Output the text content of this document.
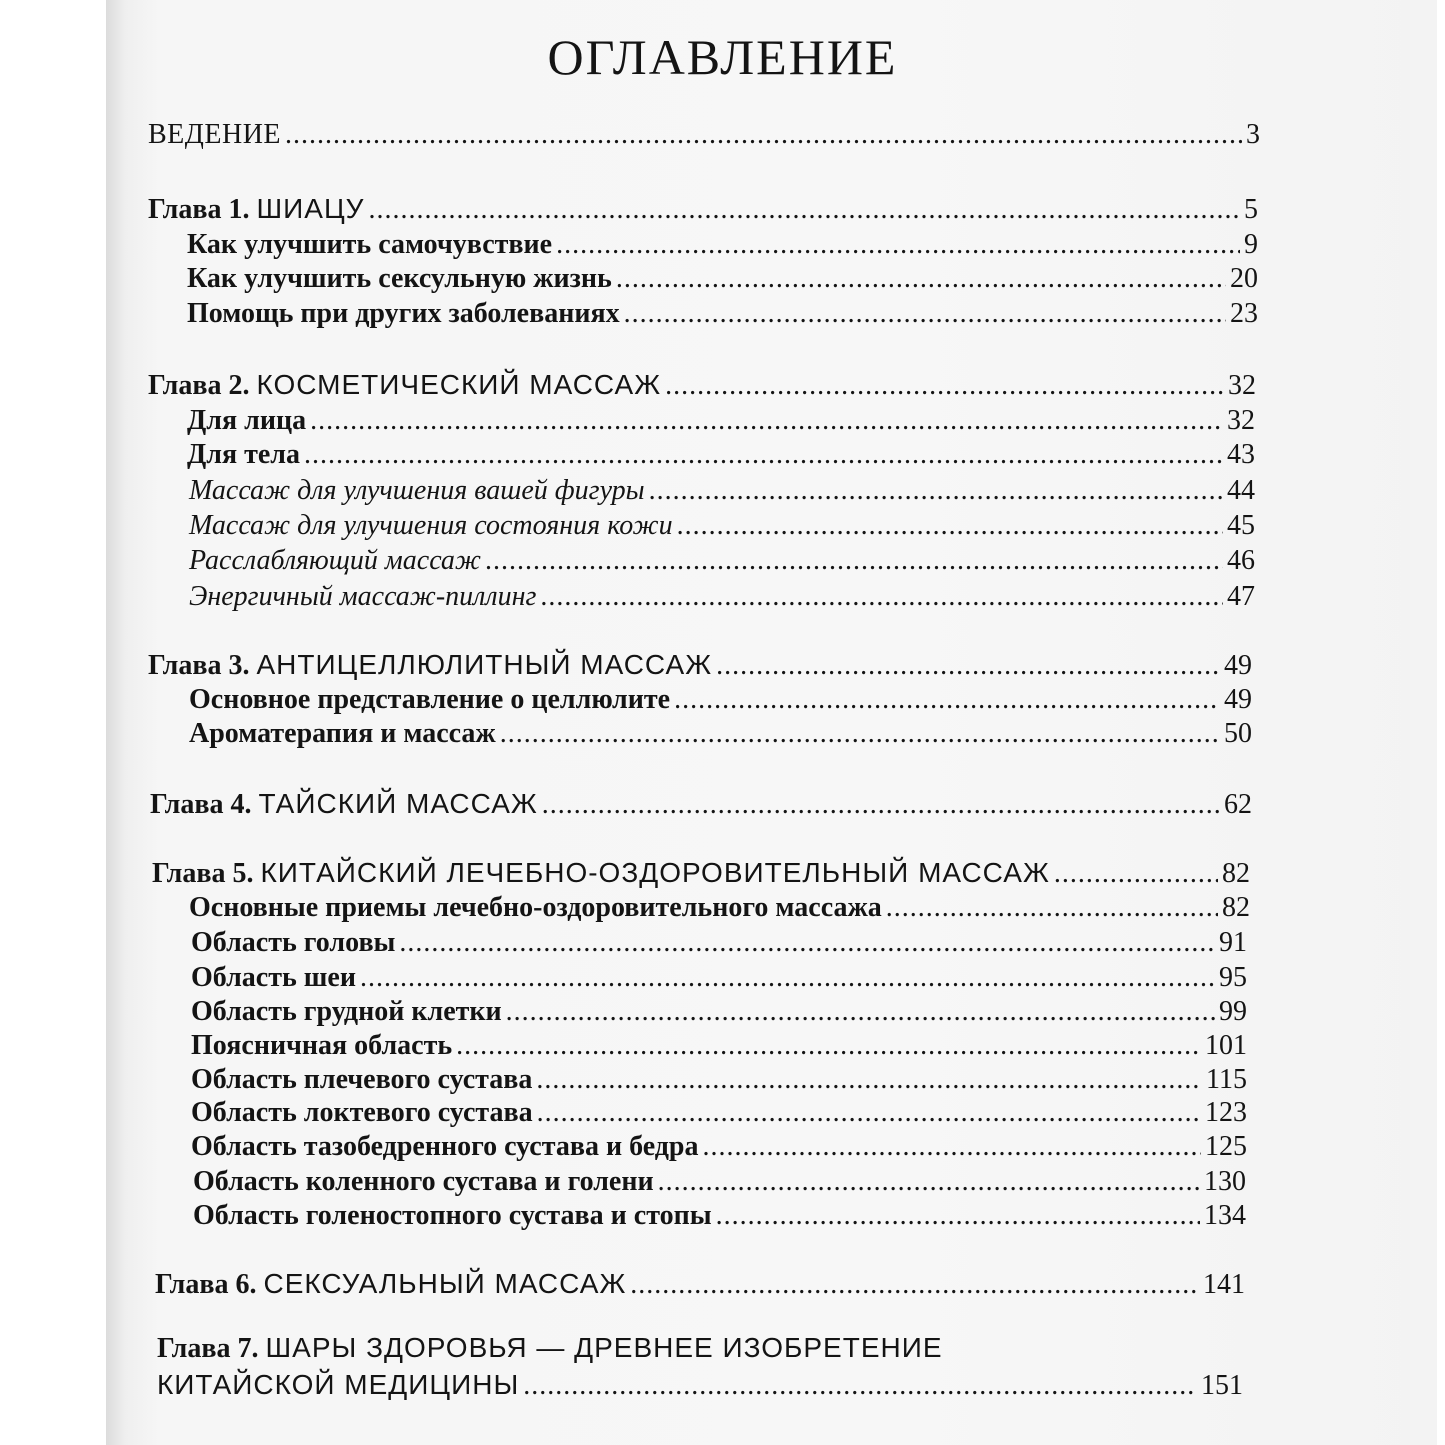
ОГЛАВЛЕНИЕ
ВЕДЕНИЕ . . .	3
Глава 1. ШИАЦУ . . .	5
Как улучшить самочувствие . . .	9
Как улучшить сексульную жизнь . . .	20
Помощь при других заболеваниях . . .	23
Глава 2. КОСМЕТИЧЕСКИЙ МАССАЖ . . .	32
Для лица . . .	32
Для тела . . .	43
Массаж для улучшения вашей фигуры . . .	44
Массаж для улучшения состояния кожи . . .	45
Расслабляющий массаж . . .	46
Энергичный массаж-пиллинг . . .	47
Глава 3. АНТИЦЕЛЛЮЛИТНЫЙ МАССАЖ . . .	49
Основное представление о целлюлите . . .	49
Ароматерапия и массаж . . .	50
Глава 4. ТАЙСКИЙ МАССАЖ . . .	62
Глава 5. КИТАЙСКИЙ ЛЕЧЕБНО-ОЗДОРОВИТЕЛЬНЫЙ МАССАЖ . . .	82
Основные приемы лечебно-оздоровительного массажа . . .	82
Область головы . . .	91
Область шеи . . .	95
Область грудной клетки . . .	99
Поясничная область . . .	101
Область плечевого сустава . . .	115
Область локтевого сустава . . .	123
Область тазобедренного сустава и бедра . . .	125
Область коленного сустава и голени . . .	130
Область голеностопного сустава и стопы . . .	134
Глава 6. СЕКСУАЛЬНЫЙ МАССАЖ . . .	141
Глава 7. ШАРЫ ЗДОРОВЬЯ — ДРЕВНЕЕ ИЗОБРЕТЕНИЕ
КИТАЙСКОЙ МЕДИЦИНЫ . . .	151
